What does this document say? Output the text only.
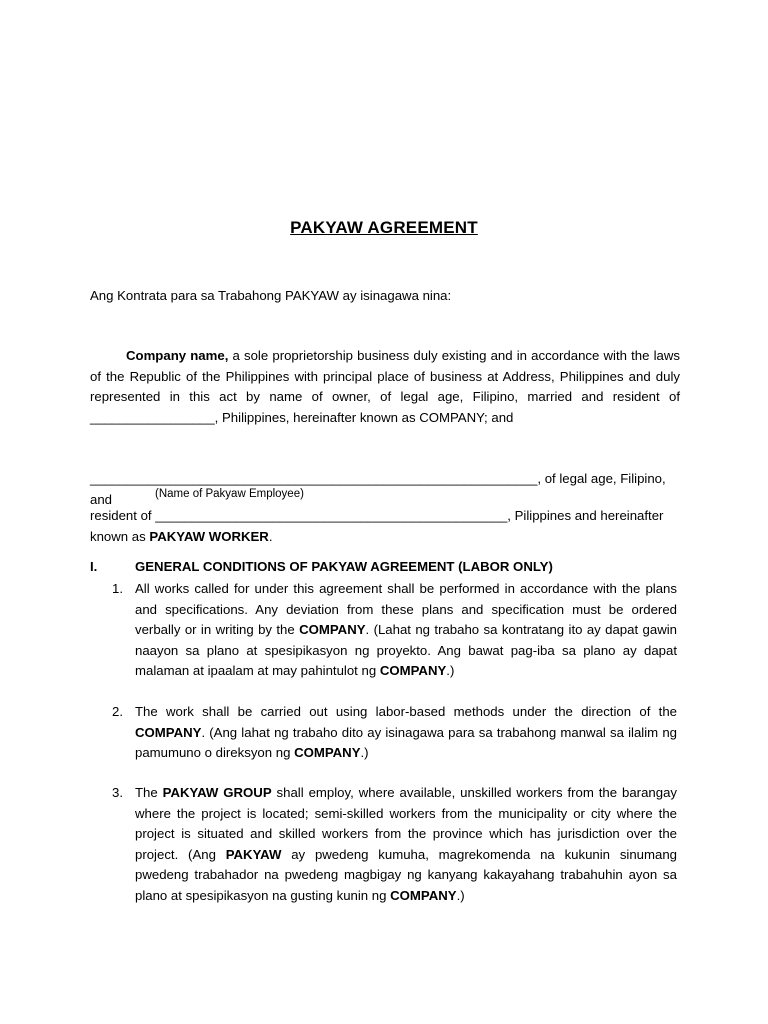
PAKYAW AGREEMENT
Ang Kontrata para sa Trabahong PAKYAW ay isinagawa nina:
Company name, a sole proprietorship business duly existing and in accordance with the laws of the Republic of the Philippines with principal place of business at Address, Philippines and duly represented in this act by name of owner, of legal age, Filipino, married and resident of _________________, Philippines, hereinafter known as COMPANY; and
_____________________________________________________________, of legal age, Filipino, and	(Name of Pakyaw Employee)
resident of ________________________________________________, Pilippines and hereinafter known as PAKYAW WORKER.
I.	GENERAL CONDITIONS OF PAKYAW AGREEMENT (LABOR ONLY)
1. All works called for under this agreement shall be performed in accordance with the plans and specifications. Any deviation from these plans and specification must be ordered verbally or in writing by the COMPANY. (Lahat ng trabaho sa kontratang ito ay dapat gawin naayon sa plano at spesipikasyon ng proyekto. Ang bawat pag-iba sa plano ay dapat malaman at ipaalam at may pahintulot ng COMPANY.)
2. The work shall be carried out using labor-based methods under the direction of the COMPANY. (Ang lahat ng trabaho dito ay isinagawa para sa trabahong manwal sa ilalim ng pamumuno o direksyon ng COMPANY.)
3. The PAKYAW GROUP shall employ, where available, unskilled workers from the barangay where the project is located; semi-skilled workers from the municipality or city where the project is situated and skilled workers from the province which has jurisdiction over the project. (Ang PAKYAW ay pwedeng kumuha, magrekomenda na kukunin sinumang pwedeng trabahador na pwedeng magbigay ng kanyang kakayahang trabahuhin ayon sa plano at spesipikasyon na gusting kunin ng COMPANY.)
